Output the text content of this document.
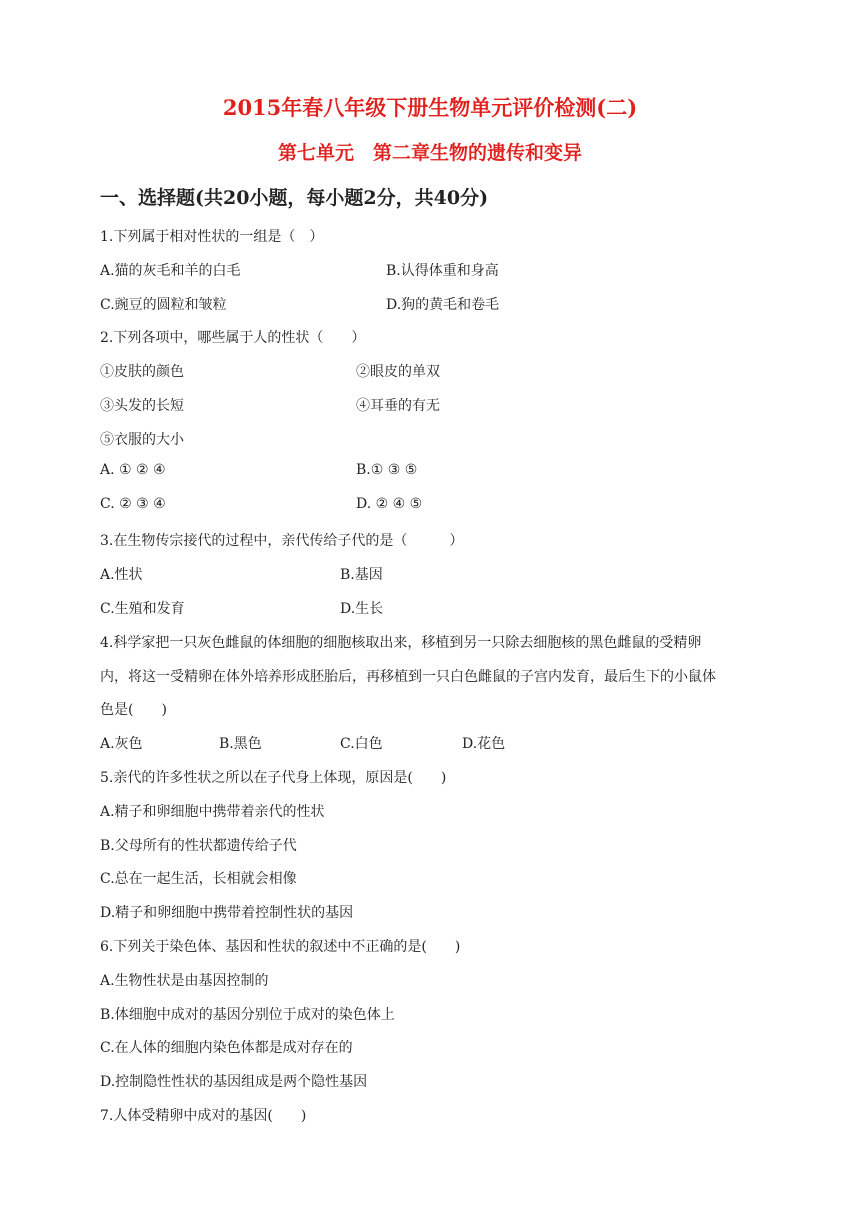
2015年春八年级下册生物单元评价检测(二)
第七单元　第二章生物的遗传和变异
一、选择题(共20小题，每小题2分，共40分)
1.下列属于相对性状的一组是（　）
A.猫的灰毛和羊的白毛	B.认得体重和身高
C.豌豆的圆粒和皱粒	D.狗的黄毛和卷毛
2.下列各项中，哪些属于人的性状（　　）
①皮肤的颜色	②眼皮的单双
③头发的长短	④耳垂的有无
⑤衣服的大小
A. ① ② ④	B.① ③ ⑤
C. ② ③ ④	D. ② ④ ⑤
3.在生物传宗接代的过程中，亲代传给子代的是（　　　）
A.性状	B.基因
C.生殖和发育	D.生长
4.科学家把一只灰色雌鼠的体细胞的细胞核取出来，移植到另一只除去细胞核的黑色雌鼠的受精卵
内，将这一受精卵在体外培养形成胚胎后，再移植到一只白色雌鼠的子宫内发育，最后生下的小鼠体
色是(　　)
A.灰色	B.黑色	C.白色	D.花色
5.亲代的许多性状之所以在子代身上体现，原因是(　　)
A.精子和卵细胞中携带着亲代的性状
B.父母所有的性状都遗传给子代
C.总在一起生活，长相就会相像
D.精子和卵细胞中携带着控制性状的基因
6.下列关于染色体、基因和性状的叙述中不正确的是(　　)
A.生物性状是由基因控制的
B.体细胞中成对的基因分别位于成对的染色体上
C.在人体的细胞内染色体都是成对存在的
D.控制隐性性状的基因组成是两个隐性基因
7.人体受精卵中成对的基因(　　)
